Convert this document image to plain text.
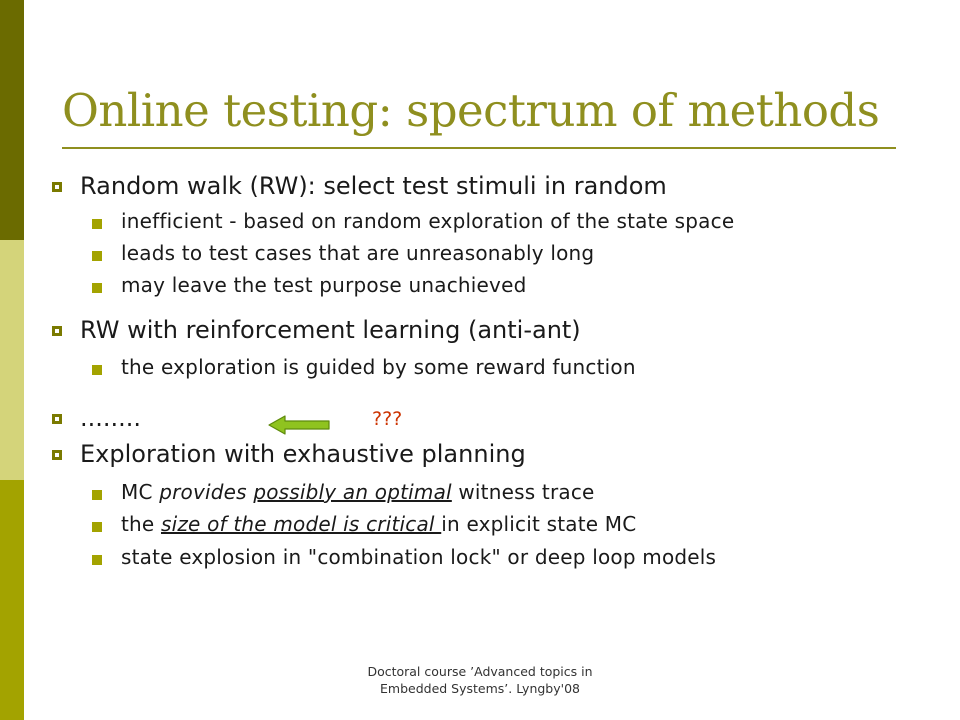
Online testing: spectrum of methods
Random walk (RW): select test stimuli in random
inefficient - based on random exploration of the state space
leads to test cases that are unreasonably long
may leave the test purpose unachieved
RW with reinforcement learning (anti-ant)
the exploration is guided by some reward function
........	???
Exploration with exhaustive planning
MC provides possibly an optimal witness trace
the size of the model is critical in explicit state MC
state explosion in "combination lock" or deep loop models
Doctoral course ’Advanced topics in
Embedded Systems’. Lyngby'08
